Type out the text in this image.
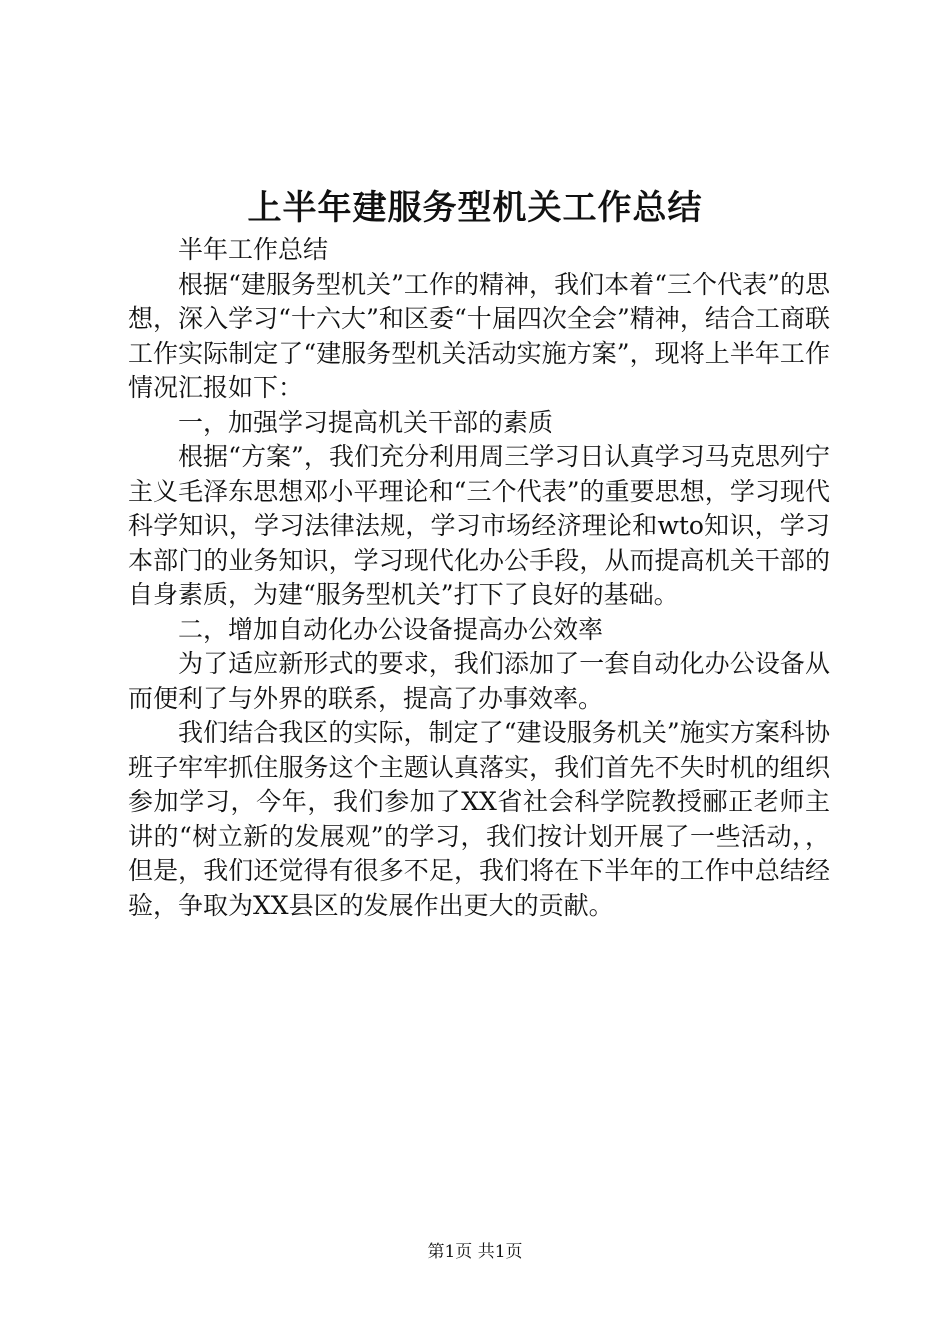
上半年建服务型机关工作总结

半年工作总结

根据“建服务型机关”工作的精神，我们本着“三个代表”的思想，深入学习“十六大”和区委“十届四次全会”精神，结合工商联工作实际制定了“建服务型机关活动实施方案”，现将上半年工作情况汇报如下：

一，加强学习提高机关干部的素质

根据“方案”，我们充分利用周三学习日认真学习马克思列宁主义毛泽东思想邓小平理论和“三个代表”的重要思想，学习现代科学知识，学习法律法规，学习市场经济理论和wto知识，学习本部门的业务知识，学习现代化办公手段，从而提高机关干部的自身素质，为建“服务型机关”打下了良好的基础。

二，增加自动化办公设备提高办公效率

为了适应新形式的要求，我们添加了一套自动化办公设备从而便利了与外界的联系，提高了办事效率。

我们结合我区的实际，制定了“建设服务机关”施实方案科协班子牢牢抓住服务这个主题认真落实，我们首先不失时机的组织参加学习，今年，我们参加了XX省社会科学院教授郦正老师主讲的“树立新的发展观”的学习，我们按计划开展了一些活动，，但是，我们还觉得有很多不足，我们将在下半年的工作中总结经验，争取为XX县区的发展作出更大的贡献。

第1页 共1页
